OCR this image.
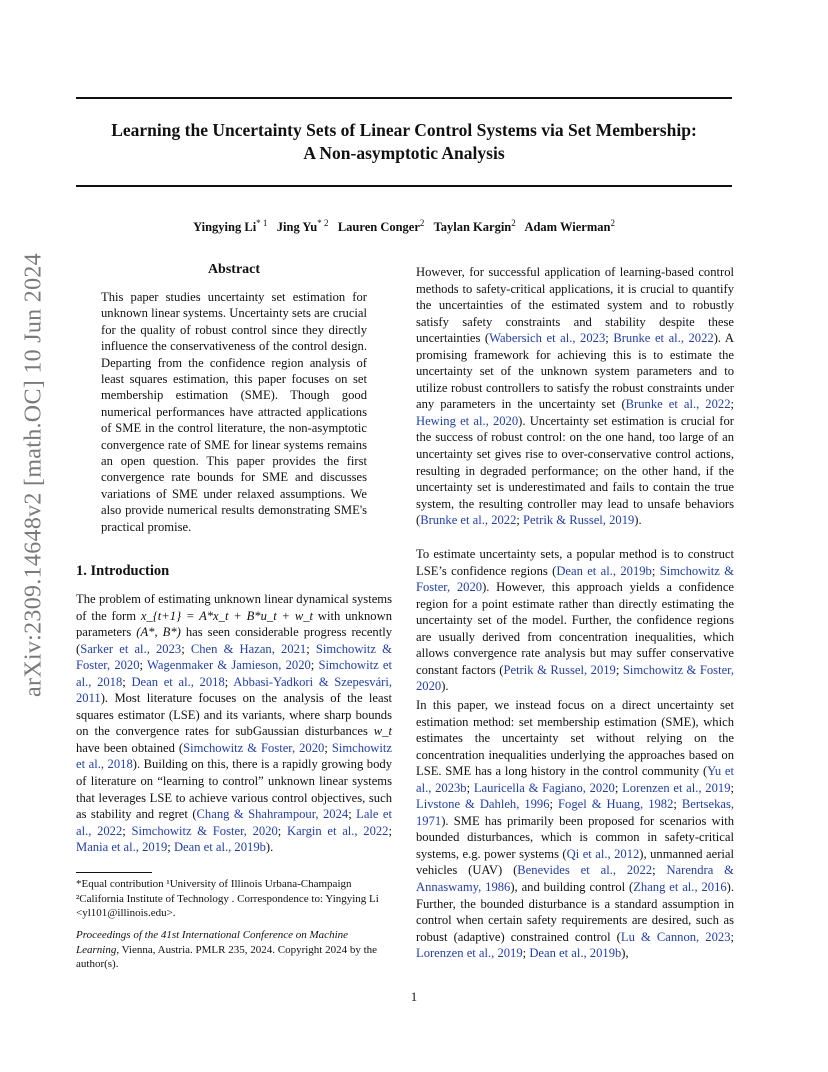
Learning the Uncertainty Sets of Linear Control Systems via Set Membership:
A Non-asymptotic Analysis
Yingying Li$^{* 1}$ Jing Yu$^{* 2}$ Lauren Conger$^2$ Taylan Kargin$^2$ Adam Wierman$^2$
arXiv:2309.14648v2 [math.OC] 10 Jun 2024	Abstract
This paper studies uncertainty set estimation for unknown linear systems. Uncertainty sets are crucial for the quality of robust control since they directly influence the conservativeness of the control design. Departing from the confidence region analysis of least squares estimation, this paper focuses on set membership estimation (SME). Though good numerical performances have attracted applications of SME in the control literature, the non-asymptotic convergence rate of SME for linear systems remains an open question. This paper provides the first convergence rate bounds for SME and discusses variations of SME under relaxed assumptions. We also provide numerical results demonstrating SME's practical promise.
1. Introduction

The problem of estimating unknown linear dynamical systems of the form x_{t+1} = A*x_t + B*u_t + w_t with unknown parameters (A*, B*) has seen considerable progress recently (Sarker et al., 2023; Chen & Hazan, 2021; Simchowitz & Foster, 2020; Wagenmaker & Jamieson, 2020; Simchowitz et al., 2018; Dean et al., 2018; Abbasi-Yadkori & Szepesvári, 2011). Most literature focuses on the analysis of the least squares estimator (LSE) and its variants, where sharp bounds on the convergence rates for subGaussian disturbances w_t have been obtained (Simchowitz & Foster, 2020; Simchowitz et al., 2018). Building on this, there is a rapidly growing body of literature on “learning to control” unknown linear systems that leverages LSE to achieve various control objectives, such as stability and regret (Chang & Shahrampour, 2024; Lale et al., 2022; Simchowitz & Foster, 2020; Kargin et al., 2022; Mania et al., 2019; Dean et al., 2019b).

*Equal contribution ¹University of Illinois Urbana-Champaign ²California Institute of Technology . Correspondence to: Yingying Li <yl101@illinois.edu>.
Proceedings of the 41st International Conference on Machine Learning, Vienna, Austria. PMLR 235, 2024. Copyright 2024 by the author(s).

However, for successful application of learning-based control methods to safety-critical applications, it is crucial to quantify the uncertainties of the estimated system and to robustly satisfy safety constraints and stability despite these uncertainties (Wabersich et al., 2023; Brunke et al., 2022). A promising framework for achieving this is to estimate the uncertainty set of the unknown system parameters and to utilize robust controllers to satisfy the robust constraints under any parameters in the uncertainty set (Brunke et al., 2022; Hewing et al., 2020). Uncertainty set estimation is crucial for the success of robust control: on the one hand, too large of an uncertainty set gives rise to over-conservative control actions, resulting in degraded performance; on the other hand, if the uncertainty set is underestimated and fails to contain the true system, the resulting controller may lead to unsafe behaviors (Brunke et al., 2022; Petrik & Russel, 2019).

To estimate uncertainty sets, a popular method is to construct LSE’s confidence regions (Dean et al., 2019b; Simchowitz & Foster, 2020). However, this approach yields a confidence region for a point estimate rather than directly estimating the uncertainty set of the model. Further, the confidence regions are usually derived from concentration inequalities, which allows convergence rate analysis but may suffer conservative constant factors (Petrik & Russel, 2019; Simchowitz & Foster, 2020).

In this paper, we instead focus on a direct uncertainty set estimation method: set membership estimation (SME), which estimates the uncertainty set without relying on the concentration inequalities underlying the approaches based on LSE. SME has a long history in the control community (Yu et al., 2023b; Lauricella & Fagiano, 2020; Lorenzen et al., 2019; Livstone & Dahleh, 1996; Fogel & Huang, 1982; Bertsekas, 1971). SME has primarily been proposed for scenarios with bounded disturbances, which is common in safety-critical systems, e.g. power systems (Qi et al., 2012), unmanned aerial vehicles (UAV) (Benevides et al., 2022; Narendra & Annaswamy, 1986), and building control (Zhang et al., 2016). Further, the bounded disturbance is a standard assumption in control when certain safety requirements are desired, such as robust (adaptive) constrained control (Lu & Cannon, 2023; Lorenzen et al., 2019; Dean et al., 2019b),

1
